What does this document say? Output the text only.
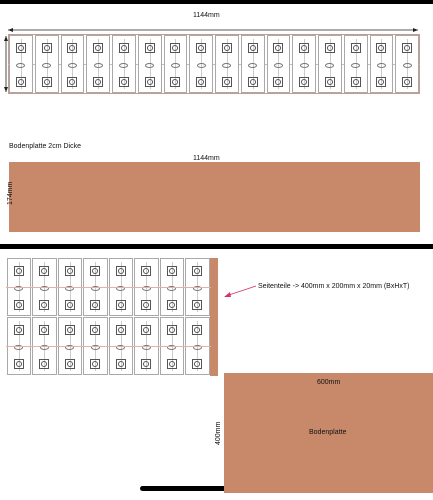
1144mm
Bodenplatte 2cm Dicke
1144mm
174mm
Seitenteile -> 400mm x 200mm x 20mm (BxHxT)
600mm
Bodenplatte
400mm
